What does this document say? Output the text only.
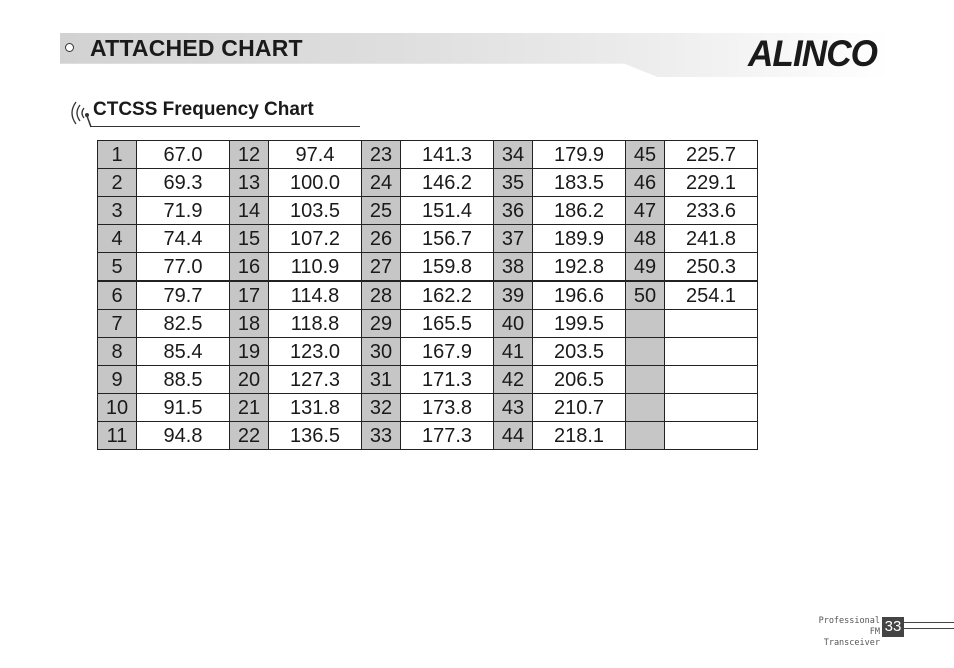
ATTACHED CHART	ALINCO
CTCSS Frequency Chart
1	67.0	12	97.4	23	141.3	34	179.9	45	225.7
2	69.3	13	100.0	24	146.2	35	183.5	46	229.1
3	71.9	14	103.5	25	151.4	36	186.2	47	233.6
4	74.4	15	107.2	26	156.7	37	189.9	48	241.8
5	77.0	16	110.9	27	159.8	38	192.8	49	250.3
6	79.7	17	114.8	28	162.2	39	196.6	50	254.1
7	82.5	18	118.8	29	165.5	40	199.5		
8	85.4	19	123.0	30	167.9	41	203.5		
9	88.5	20	127.3	31	171.3	42	206.5		
10	91.5	21	131.8	32	173.8	43	210.7		
11	94.8	22	136.5	33	177.3	44	218.1		
Professional
FM Transceiver
33
